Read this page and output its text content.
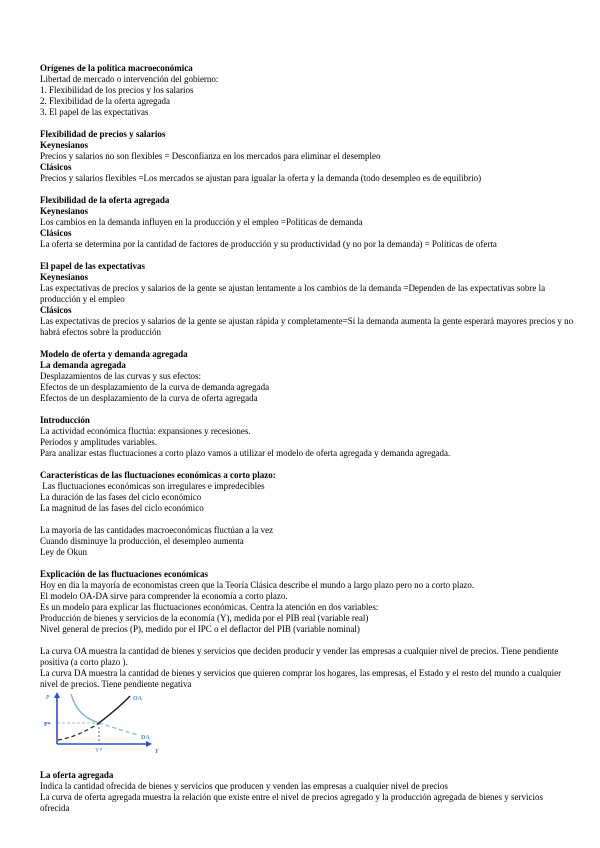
Orígenes de la política macroeconómica
Libertad de mercado o intervención del gobierno:
1. Flexibilidad de los precios y los salarios
2. Flexibilidad de la oferta agregada
3. El papel de las expectativas
Flexibilidad de precios y salarios
Keynesianos
Precios y salarios no son flexibles = Desconfianza en los mercados para eliminar el desempleo
Clásicos
Precios y salarios flexibles =Los mercados se ajustan para igualar la oferta y la demanda (todo desempleo es de equilibrio)
Flexibilidad de la oferta agregada
Keynesianos
Los cambios en la demanda influyen en la producción y el empleo =Políticas de demanda
Clásicos
La oferta se determina por la cantidad de factores de producción y su productividad (y no por la demanda) = Políticas de oferta
El papel de las expectativas
Keynesianos
Las expectativas de precios y salarios de la gente se ajustan lentamente a los cambios de la demanda =Dependen de las expectativas sobre la producción y el empleo
Clásicos
Las expectativas de precios y salarios de la gente se ajustan rápida y completamente=Si la demanda aumenta la gente esperará mayores precios y no habrá efectos sobre la producción
Modelo de oferta y demanda agregada
La demanda agregada
Desplazamientos de las curvas y sus efectos:
Efectos de un desplazamiento de la curva de demanda agregada
Efectos de un desplazamiento de la curva de oferta agregada
Introducción
La actividad económica fluctúa: expansiones y recesiones.
Períodos y amplitudes variables.
Para analizar estas fluctuaciones a corto plazo vamos a utilizar el modelo de oferta agregada y demanda agregada.
Características de las fluctuaciones económicas a corto plazo:
Las fluctuaciones económicas son irregulares e impredecibles
La duración de las fases del ciclo económico
La magnitud de las fases del ciclo económico
La mayoría de las cantidades macroeconómicas fluctúan a la vez
Cuando disminuye la producción, el desempleo aumenta
Ley de Okun
Explicación de las fluctuaciones económicas
Hoy en día la mayoría de economistas creen que la Teoría Clásica describe el mundo a largo plazo pero no a corto plazo.
El modelo OA-DA sirve para comprender la economía a corto plazo.
Es un modelo para explicar las fluctuaciones económicas. Centra la atención en dos variables:
Producción de bienes y servicios de la economía (Y), medida por el PIB real (variable real)
Nivel general de precios (P), medido por el IPC o el deflactor del PIB (variable nominal)
La curva OA muestra la cantidad de bienes y servicios que deciden producir y vender las empresas a cualquier nivel de precios. Tiene pendiente positiva (a corto plazo ).
La curva DA muestra la cantidad de bienes y servicios que quieren comprar los hogares, las empresas, el Estado y el resto del mundo a cualquier nivel de precios. Tiene pendiente negativa
P
P*
OA
DA
Y*	Y
La oferta agregada
Indica la cantidad ofrecida de bienes y servicios que producen y venden las empresas a cualquier nivel de precios
La curva de oferta agregada muestra la relación que existe entre el nivel de precios agregado y la producción agregada de bienes y servicios ofrecida
